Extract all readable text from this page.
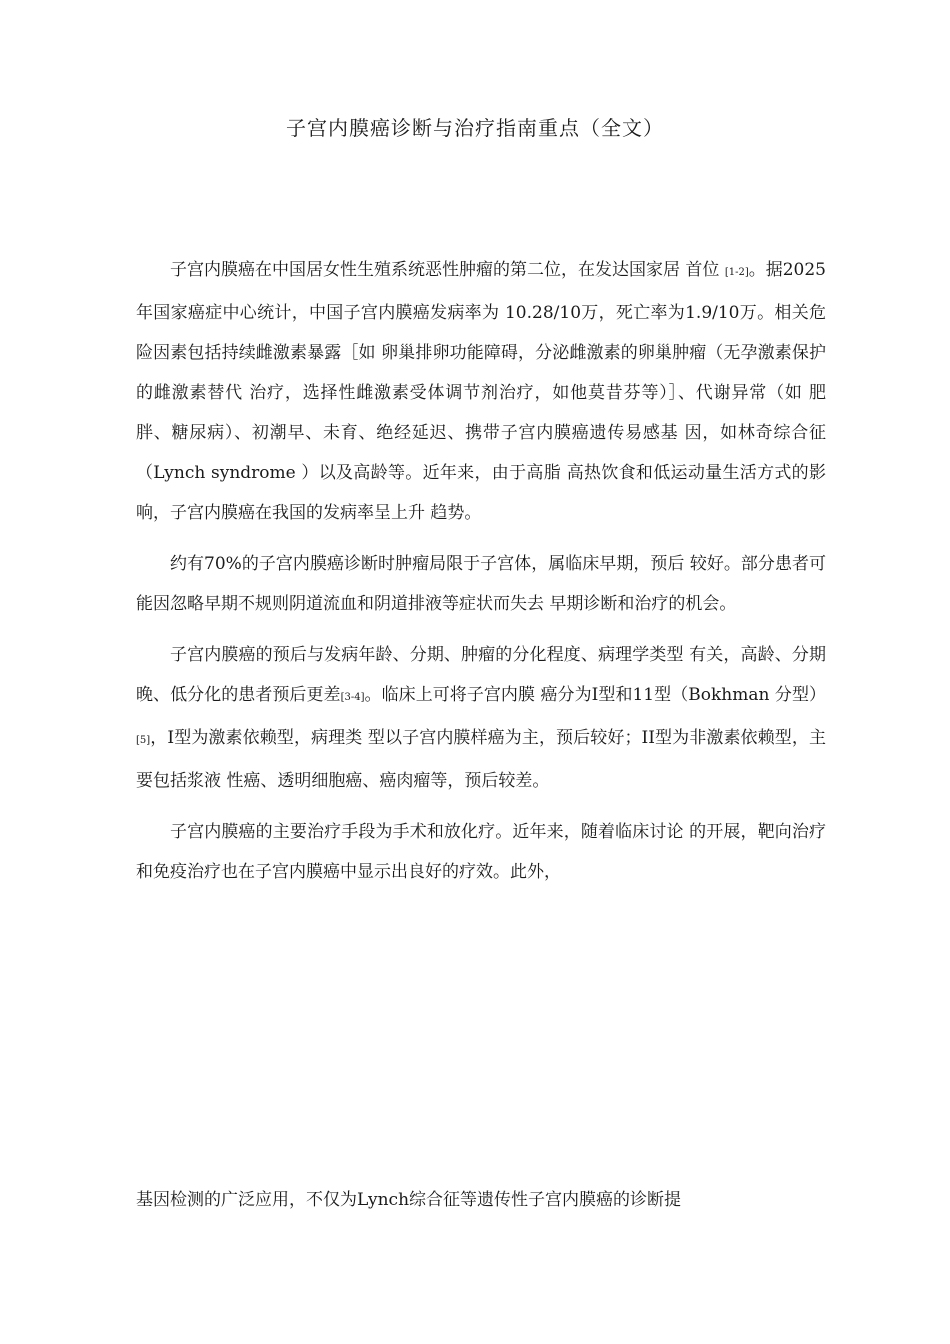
子宫内膜癌诊断与治疗指南重点（全文）

子宫内膜癌在中国居女性生殖系统恶性肿瘤的第二位，在发达国家居 首位 [1-2]。据2025年国家癌症中心统计，中国子宫内膜癌发病率为 10.28/10万，死亡率为1.9/10万。相关危险因素包括持续雌激素暴露［如 卵巢排卵功能障碍，分泌雌激素的卵巢肿瘤（无孕激素保护的雌激素替代 治疗，选择性雌激素受体调节剂治疗，如他莫昔芬等）］、代谢异常（如 肥胖、糖尿病）、初潮早、未育、绝经延迟、携带子宫内膜癌遗传易感基 因，如林奇综合征（Lynch syndrome ）以及高龄等。近年来，由于高脂 高热饮食和低运动量生活方式的影响，子宫内膜癌在我国的发病率呈上升 趋势。

约有70%的子宫内膜癌诊断时肿瘤局限于子宫体，属临床早期，预后 较好。部分患者可能因忽略早期不规则阴道流血和阴道排液等症状而失去 早期诊断和治疗的机会。

子宫内膜癌的预后与发病年龄、分期、肿瘤的分化程度、病理学类型 有关，高龄、分期晚、低分化的患者预后更差[3-4]。临床上可将子宫内膜 癌分为I型和11型（Bokhman 分型）[5]，I型为激素依赖型，病理类 型以子宫内膜样癌为主，预后较好；II型为非激素依赖型，主要包括浆液 性癌、透明细胞癌、癌肉瘤等，预后较差。

子宫内膜癌的主要治疗手段为手术和放化疗。近年来，随着临床讨论 的开展，靶向治疗和免疫治疗也在子宫内膜癌中显示出良好的疗效。此外，

基因检测的广泛应用，不仅为Lynch综合征等遗传性子宫内膜癌的诊断提
